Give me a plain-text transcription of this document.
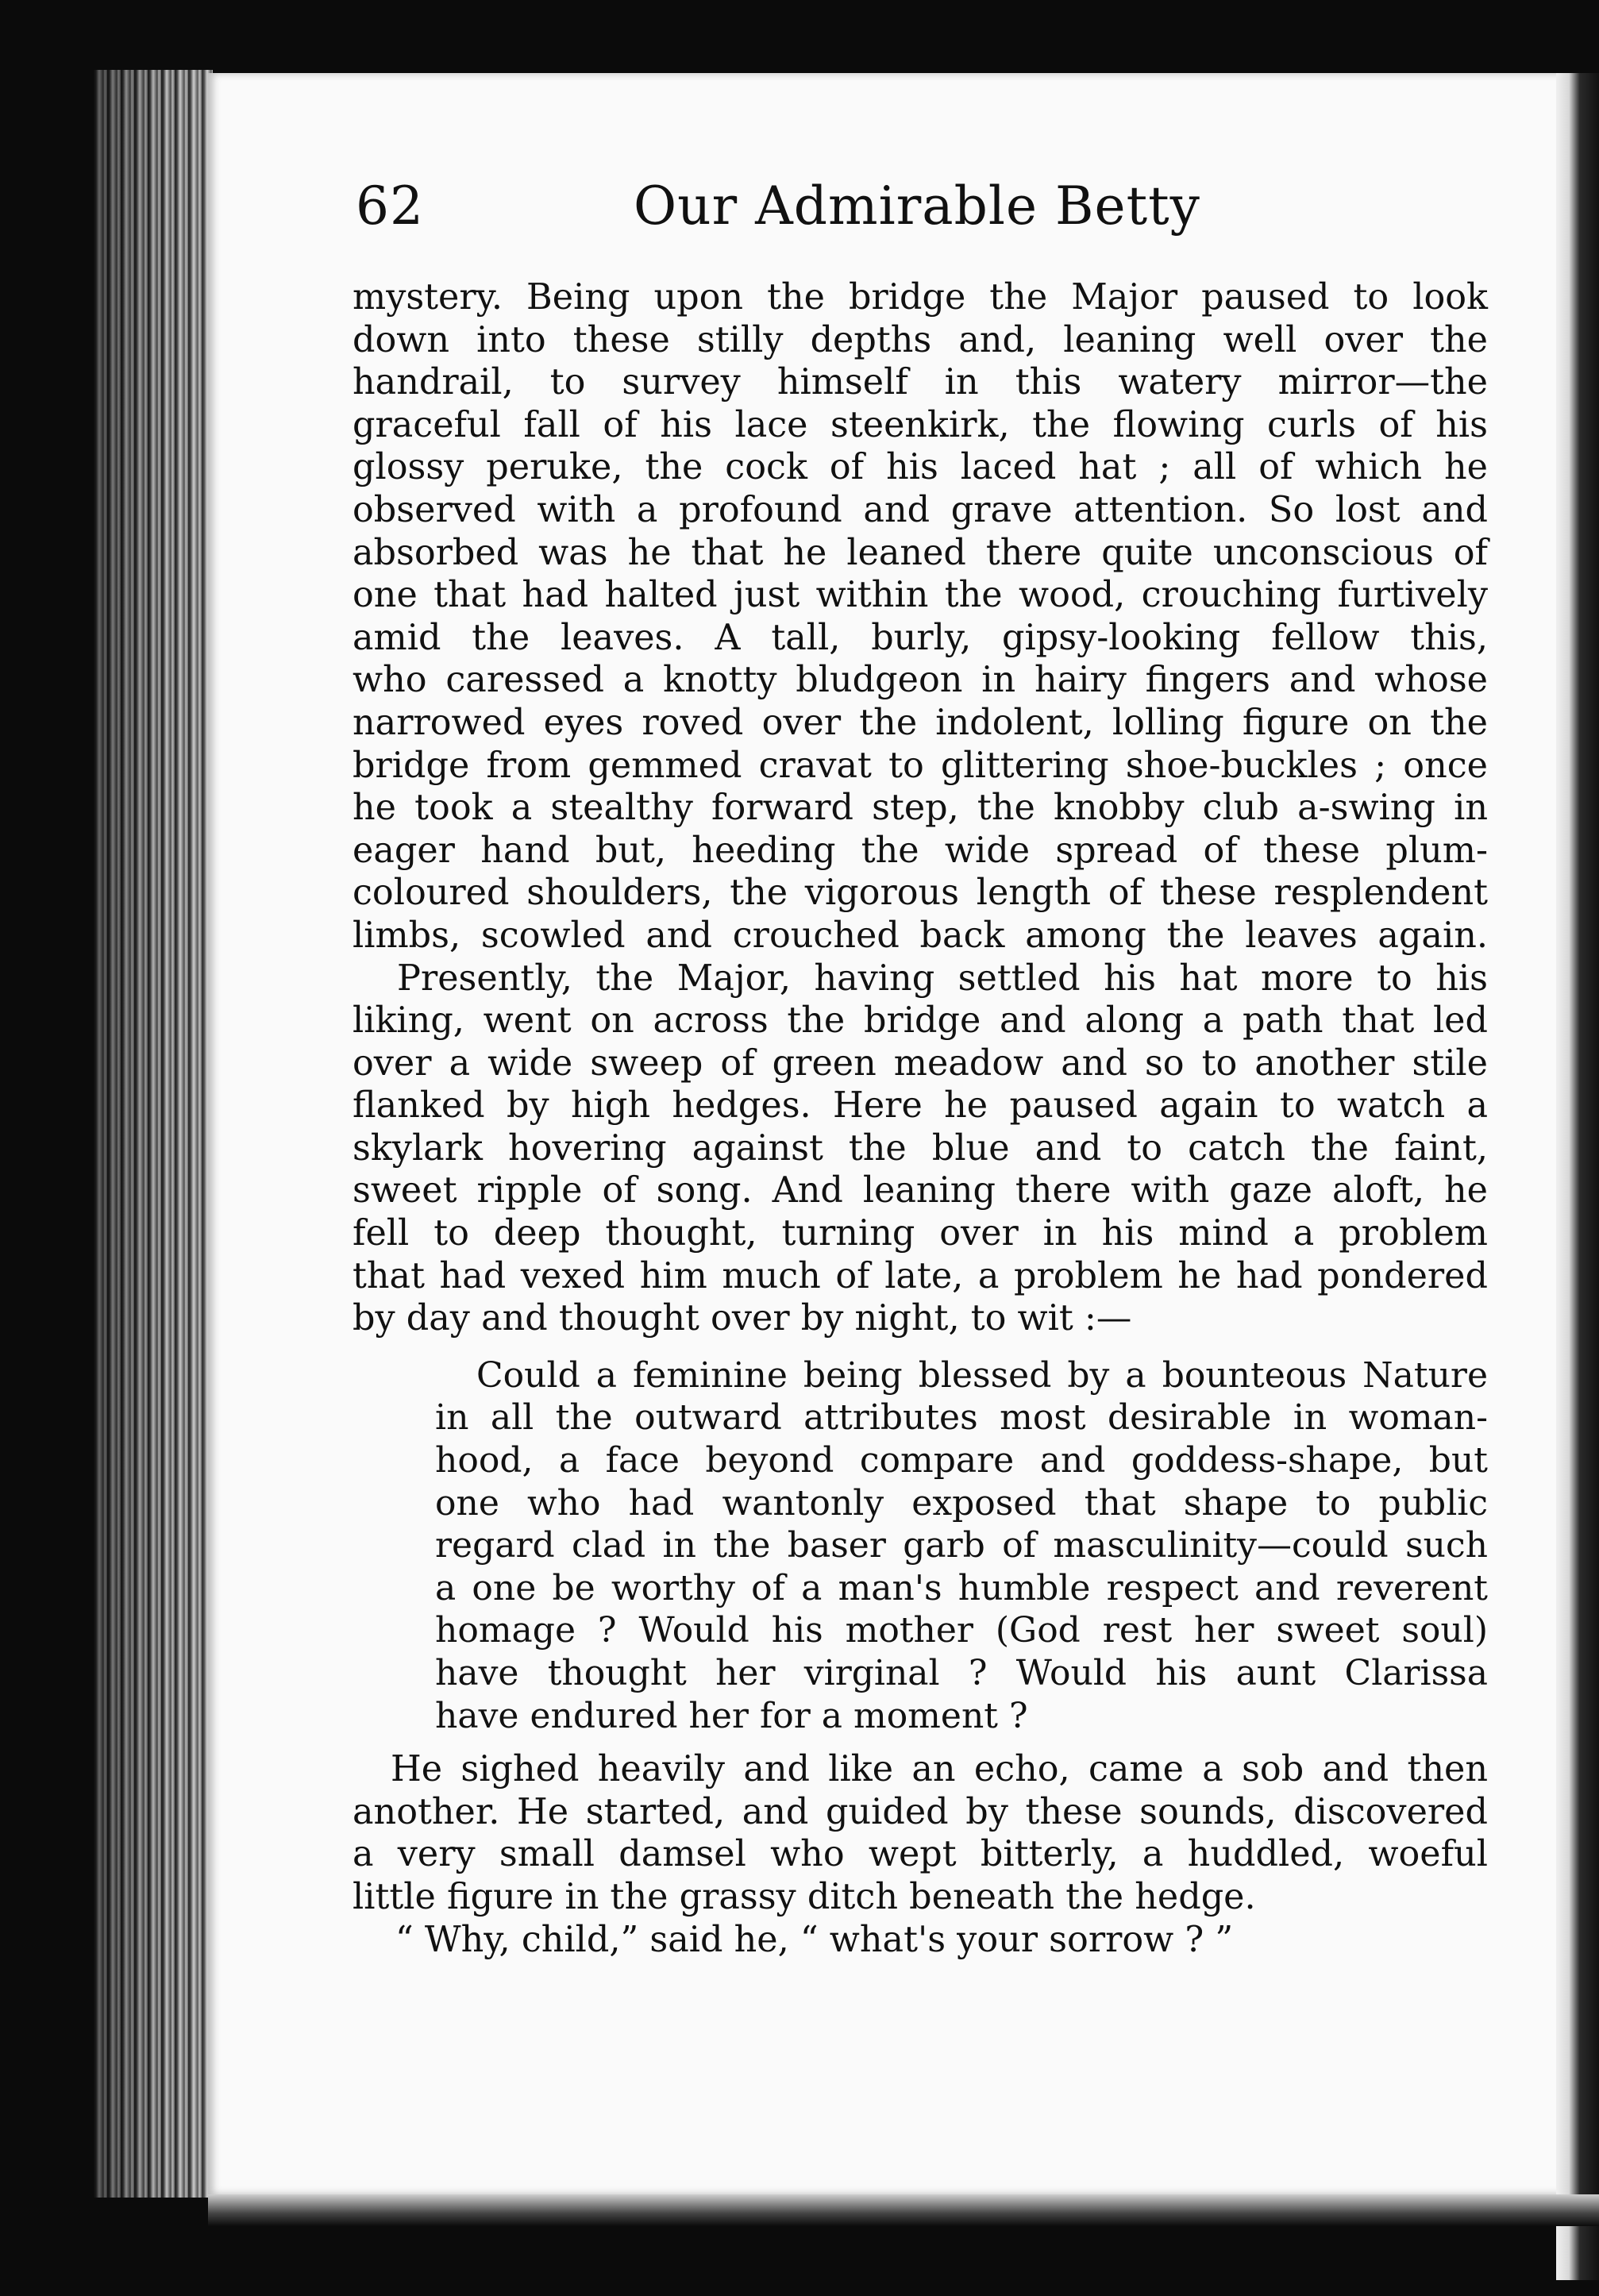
62	Our Admirable Betty
mystery. Being upon the bridge the Major paused to look
down into these stilly depths and, leaning well over the
handrail, to survey himself in this watery mirror—the
graceful fall of his lace steenkirk, the flowing curls of his
glossy peruke, the cock of his laced hat ; all of which he
observed with a profound and grave attention. So lost and
absorbed was he that he leaned there quite unconscious of
one that had halted just within the wood, crouching furtively
amid the leaves. A tall, burly, gipsy-looking fellow this,
who caressed a knotty bludgeon in hairy fingers and whose
narrowed eyes roved over the indolent, lolling figure on the
bridge from gemmed cravat to glittering shoe-buckles ; once
he took a stealthy forward step, the knobby club a-swing in
eager hand but, heeding the wide spread of these plum-
coloured shoulders, the vigorous length of these resplendent
limbs, scowled and crouched back among the leaves again.
Presently, the Major, having settled his hat more to his
liking, went on across the bridge and along a path that led
over a wide sweep of green meadow and so to another stile
flanked by high hedges. Here he paused again to watch a
skylark hovering against the blue and to catch the faint,
sweet ripple of song. And leaning there with gaze aloft, he
fell to deep thought, turning over in his mind a problem
that had vexed him much of late, a problem he had pondered
by day and thought over by night, to wit :—
Could a feminine being blessed by a bounteous Nature
in all the outward attributes most desirable in woman-
hood, a face beyond compare and goddess-shape, but
one who had wantonly exposed that shape to public
regard clad in the baser garb of masculinity—could such
a one be worthy of a man's humble respect and reverent
homage ? Would his mother (God rest her sweet soul)
have thought her virginal ? Would his aunt Clarissa
have endured her for a moment ?
He sighed heavily and like an echo, came a sob and then
another. He started, and guided by these sounds, discovered
a very small damsel who wept bitterly, a huddled, woeful
little figure in the grassy ditch beneath the hedge.
“ Why, child,” said he, “ what's your sorrow ? ”
